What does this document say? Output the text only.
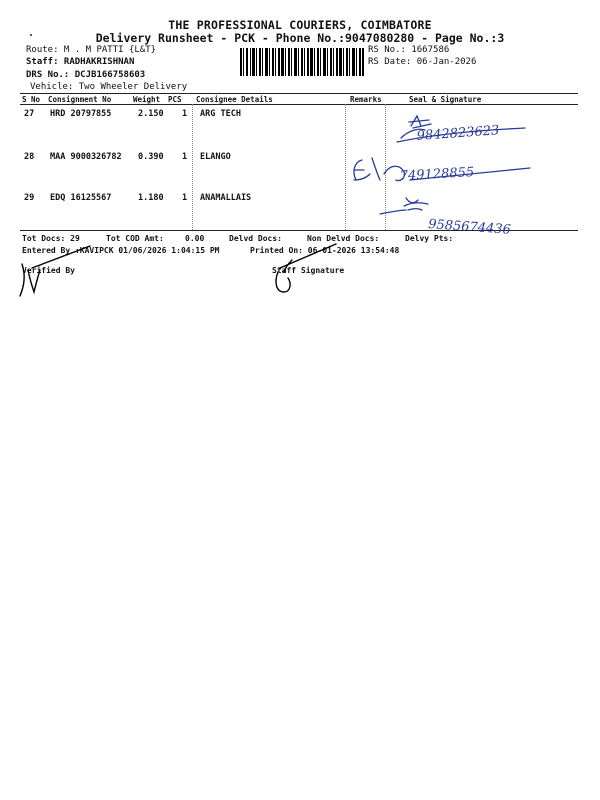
THE PROFESSIONAL COURIERS, COIMBATORE
Delivery Runsheet - PCK - Phone No.:9047080280 - Page No.:3
Route: M . M PATTI {L&T}
Staff: RADHAKRISHNAN
DRS No.: DCJB166758603
Vehicle: Two Wheeler Delivery
RS No.: 1667586
RS Date: 06-Jan-2026
S No Consignment No	Weight PCS Consignee Details	Remarks	Seal & Signature
27 HRD 20797855	2.150 1 ARG TECH
28 MAA 9000326782 0.390 1 ELANGO
29 EDQ 16125567	1.180 1 ANAMALLAIS
9842823623
749128855
9585674436
Tot Docs: 29	Tot COD Amt:	0.00	Delvd Docs:	Non Delvd Docs:	Delvy Pts:
Entered By :KAVIPCK 01/06/2026 1:04:15 PM	Printed On: 06-01-2026 13:54:48
Verified By	Staff Signature
